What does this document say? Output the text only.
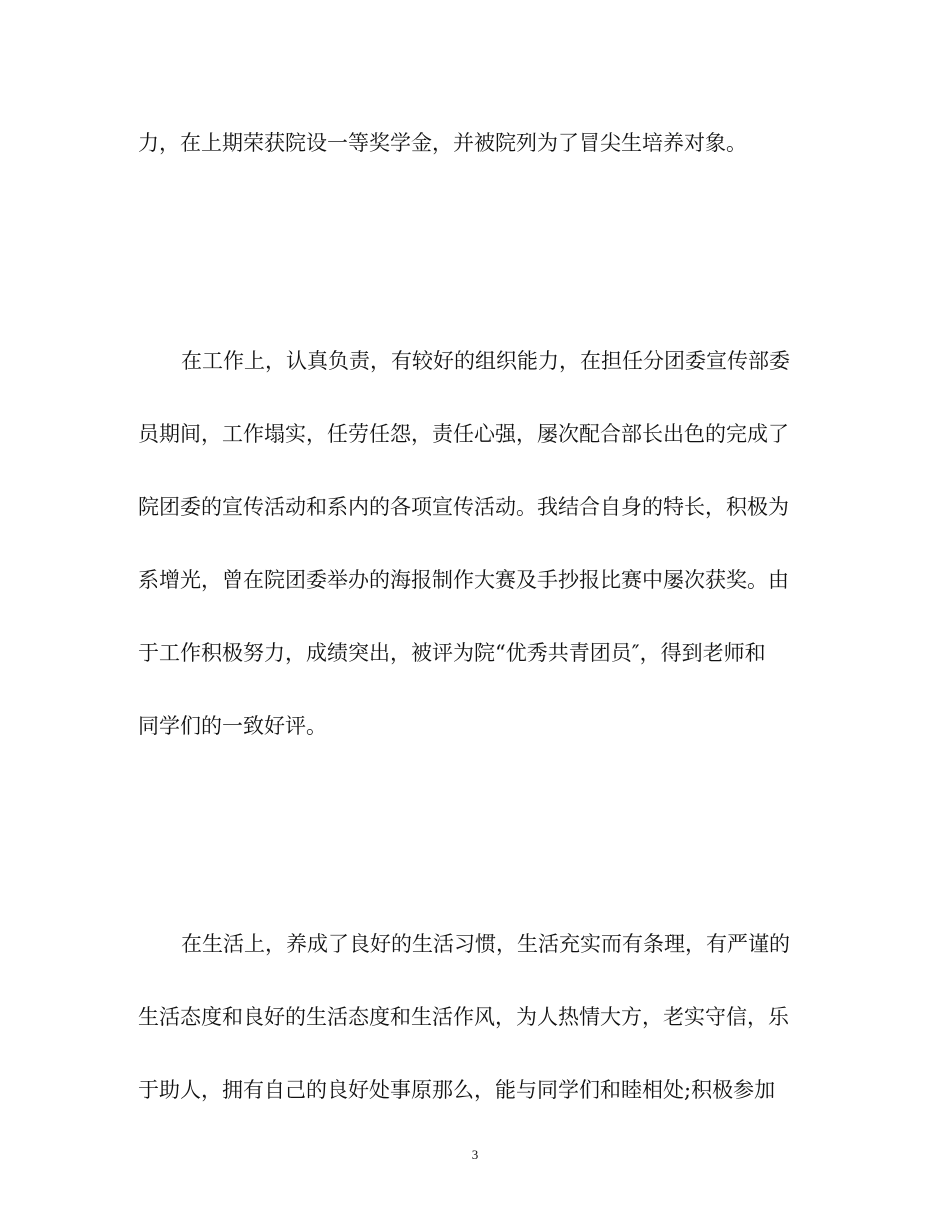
力，在上期荣获院设一等奖学金，并被院列为了冒尖生培养对象。
在工作上，认真负责，有较好的组织能力，在担任分团委宣传部委
员期间，工作塌实，任劳任怨，责任心强，屡次配合部长出色的完成了
院团委的宣传活动和系内的各项宣传活动。我结合自身的特长，积极为
系增光，曾在院团委举办的海报制作大赛及手抄报比赛中屡次获奖。由
于工作积极努力，成绩突出，被评为院“优秀共青团员″，得到老师和
同学们的一致好评。
在生活上，养成了良好的生活习惯，生活充实而有条理，有严谨的
生活态度和良好的生活态度和生活作风，为人热情大方，老实守信，乐
于助人，拥有自己的良好处事原那么，能与同学们和睦相处;积极参加
3
